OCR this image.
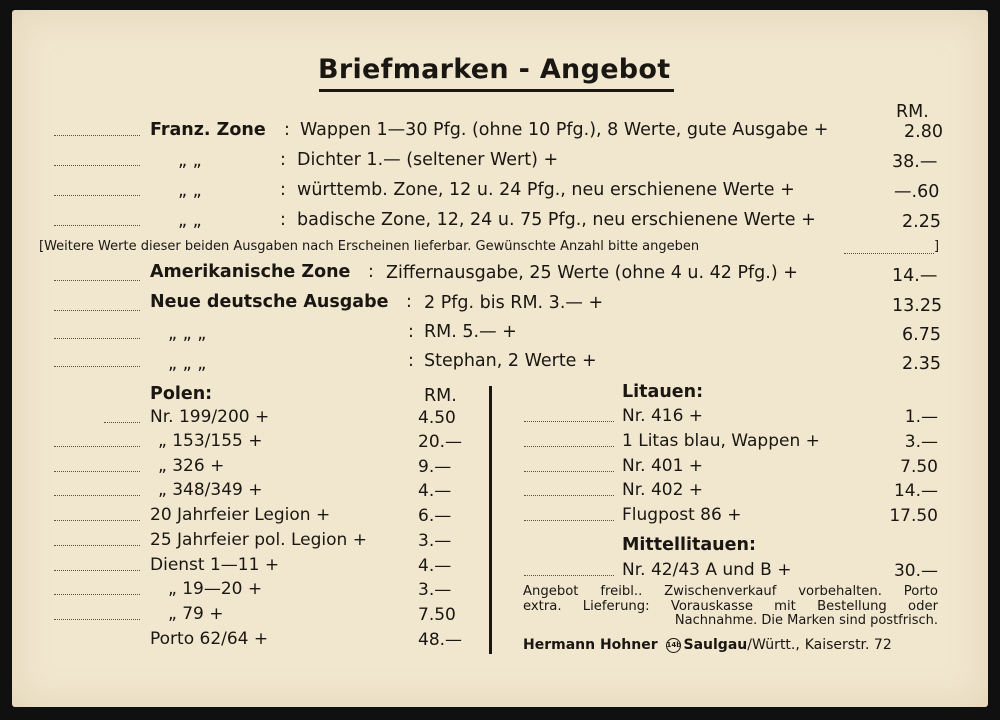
Briefmarken - Angebot
RM.
Franz. Zone : Wappen 1—30 Pfg. (ohne 10 Pfg.), 8 Werte, gute Ausgabe +	2.80
„ „	: Dichter 1.— (seltener Wert) +	38.—
„ „	: württemb. Zone, 12 u. 24 Pfg., neu erschienene Werte +	—.60
„ „	: badische Zone, 12, 24 u. 75 Pfg., neu erschienene Werte +	2.25
[Weitere Werte dieser beiden Ausgaben nach Erscheinen lieferbar. Gewünschte Anzahl bitte angeben	]
Amerikanische Zone : Ziffernausgabe, 25 Werte (ohne 4 u. 42 Pfg.) +	14.—
Neue deutsche Ausgabe : 2 Pfg. bis RM. 3.— +	13.25
„ „ „	: RM. 5.— +	6.75
„ „ „	: Stephan, 2 Werte +	2.35
Polen:	RM.
Nr. 199/200 +	4.50
„ 153/155 +	20.—
„ 326 +	9.—
„ 348/349 +	4.—
20 Jahrfeier Legion +	6.—
25 Jahrfeier pol. Legion +	3.—
Dienst 1—11 +	4.—
„ 19—20 +	3.—
„ 79 +	7.50
Porto 62/64 +	48.—
Litauen:
Nr. 416 +	1.—
1 Litas blau, Wappen +	3.—
Nr. 401 +	7.50
Nr. 402 +	14.—
Flugpost 86 +	17.50
Mittellitauen:
Nr. 42/43 A und B +	30.—
Angebot freibl.. Zwischenverkauf vorbehalten. Porto
extra. Lieferung: Vorauskasse mit Bestellung oder
Nachnahme. Die Marken sind postfrisch.
Hermann Hohner 14b Saulgau/Württ., Kaiserstr. 72
